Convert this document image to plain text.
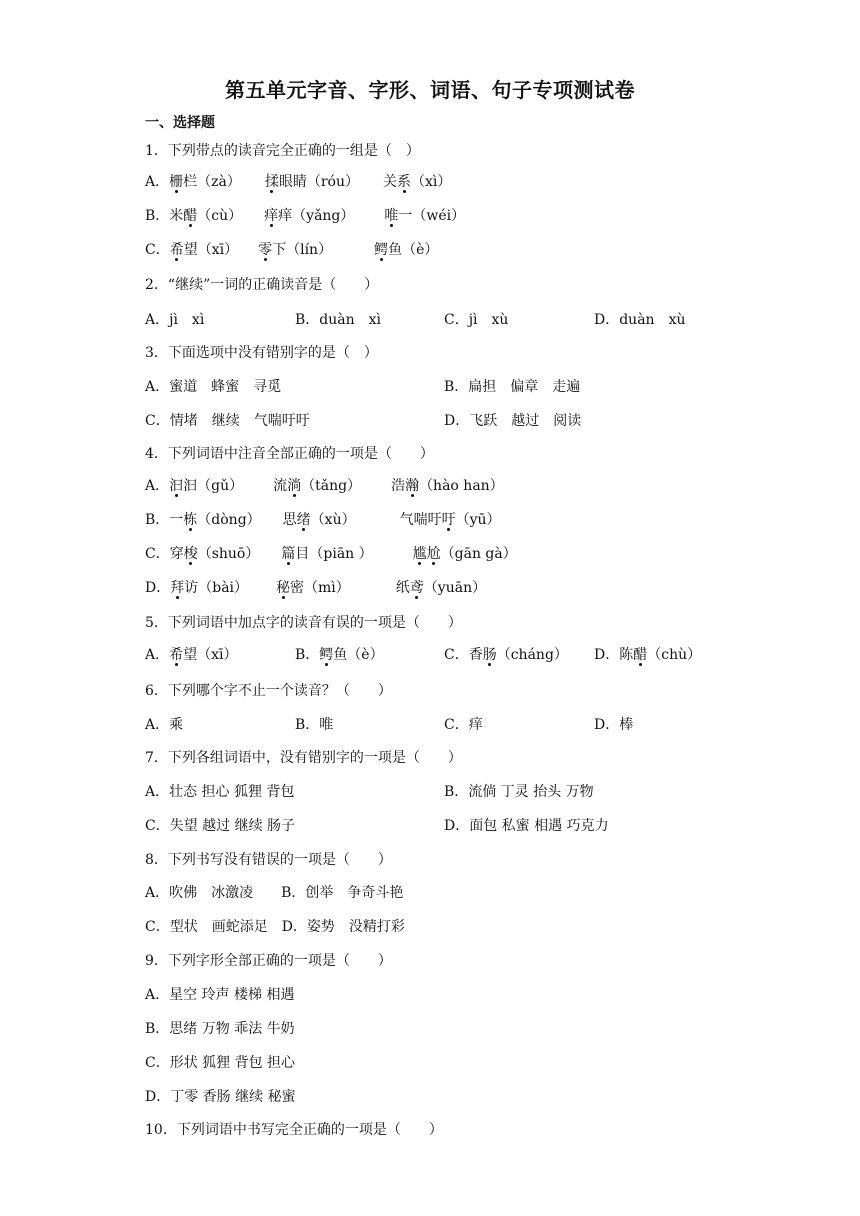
第五单元字音、字形、词语、句子专项测试卷
一、选择题
1．下列带点的读音完全正确的一组是（　）
A．栅栏（zà） 揉眼睛（róu） 关系（xì）
B．米醋（cù） 痒痒（yǎng） 唯一（wéi）
C．希望（xī） 零下（lín）	鳄鱼（è）
2．“继续”一词的正确读音是（　　）
A．jì　xì	B．duàn　xì	C．jì　xù	D．duàn　xù
3．下面选项中没有错别字的是（　）
A．蜜道　蜂蜜　寻觅	B．扁担　偏章　走遍
C．情堵　继续　气喘吁吁	D．飞跃　越过　阅读
4．下列词语中注音全部正确的一项是（　　）
A．汩汩（gǔ） 流淌（tǎng） 浩瀚（hào han）
B．一栋（dòng） 思绪（xù）	气喘吁吁（yū）
C．穿梭（shuō） 篇目（piān ）	尴尬（gān gà）
D．拜访（bài） 秘密（mì）	纸鸢（yuān）
5．下列词语中加点字的读音有误的一项是（　　）
A．希望（xī）	B．鳄鱼（è）	C．香肠（cháng） D．陈醋（chù）
6．下列哪个字不止一个读音？（　　）
A．乘	B．唯	C．痒	D．棒
7．下列各组词语中，没有错别字的一项是（　　）
A．壮态 担心 狐狸 背包	B．流倘 丁灵 抬头 万物
C．失望 越过 继续 肠子	D．面包 私蜜 相遇 巧克力
8．下列书写没有错误的一项是（　　）
A．吹佛　冰激凌　　B．创举　争奇斗艳
C．型状　画蛇添足　D．姿势　没精打彩
9．下列字形全部正确的一项是（　　）
A．星空 玲声 楼梯 相遇
B．思绪 万物 乖法 牛奶
C．形状 狐狸 背包 担心
D．丁零 香肠 继续 秘蜜
10．下列词语中书写完全正确的一项是（　　）
